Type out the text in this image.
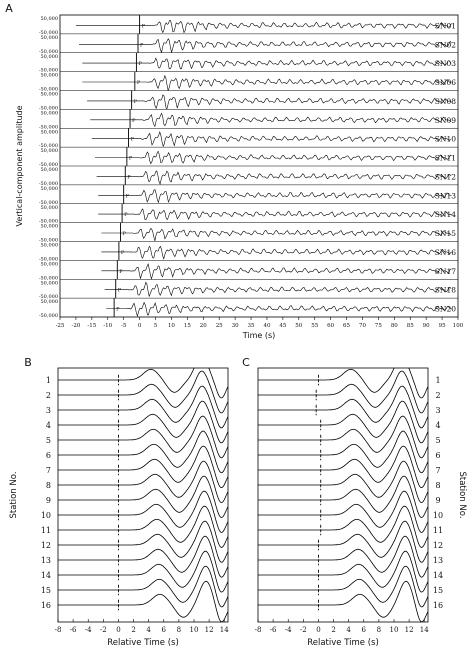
A
50,000
-50,000
P	SN01
50,000
-50,000
P	SN02
50,000
-50,000
P	SN03
50,000
-50,000
P	SN06
50,000
-50,000
P	SN08
50,000
-50,000
P	SN09
50,000
-50,000
P	SN10
50,000
-50,000
P	SN11
50,000
-50,000
P	SN12
50,000
-50,000
P	SN13
50,000
-50,000
P	SN14
50,000
-50,000
P	SN15
50,000
-50,000
P	SN16
50,000
-50,000
P	SN17
50,000
-50,000
P	SN18
50,000
-50,000
P	SN20
-25 -20 -15 -10 -5 0 5 10 15 20 25 30 35 40 45 50 55 60 65 70 75 80 85 90 95 100
Time (s)
Vertical-component amplitude
1
2
3
4
5
6
7
8
9
10
11
12
13
14
15
16
-8 -6 -4 -2 0 2 4 6 8 10 12 14
Relative Time (s)
B
Station No.
1
2
3
4
5
6
7
8
9
10
11
12
13
14
15
16
-8 -6 -4 -2 0 2 4 6 8 10 12 14
Relative Time (s)
C
Station No.
